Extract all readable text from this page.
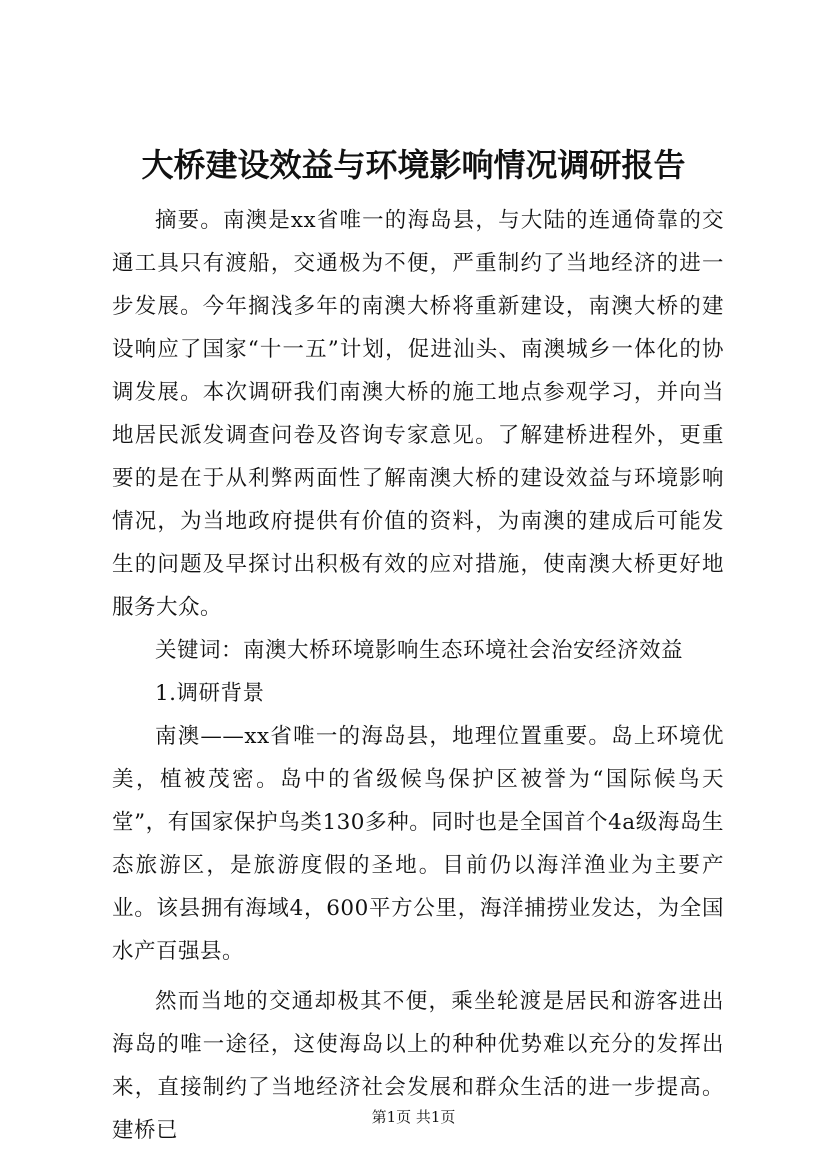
大桥建设效益与环境影响情况调研报告

摘要。南澳是xx省唯一的海岛县，与大陆的连通倚靠的交通工具只有渡船，交通极为不便，严重制约了当地经济的进一步发展。今年搁浅多年的南澳大桥将重新建设，南澳大桥的建设响应了国家“十一五”计划，促进汕头、南澳城乡一体化的协调发展。本次调研我们南澳大桥的施工地点参观学习，并向当地居民派发调查问卷及咨询专家意见。了解建桥进程外，更重要的是在于从利弊两面性了解南澳大桥的建设效益与环境影响情况，为当地政府提供有价值的资料，为南澳的建成后可能发生的问题及早探讨出积极有效的应对措施，使南澳大桥更好地服务大众。

关键词：南澳大桥环境影响生态环境社会治安经济效益

1.调研背景

南澳——xx省唯一的海岛县，地理位置重要。岛上环境优美，植被茂密。岛中的省级候鸟保护区被誉为“国际候鸟天堂”，有国家保护鸟类130多种。同时也是全国首个4a级海岛生态旅游区，是旅游度假的圣地。目前仍以海洋渔业为主要产业。该县拥有海域4，600平方公里，海洋捕捞业发达，为全国水产百强县。

然而当地的交通却极其不便，乘坐轮渡是居民和游客进出海岛的唯一途径，这使海岛以上的种种优势难以充分的发挥出来，直接制约了当地经济社会发展和群众生活的进一步提高。建桥已

第1页 共1页
